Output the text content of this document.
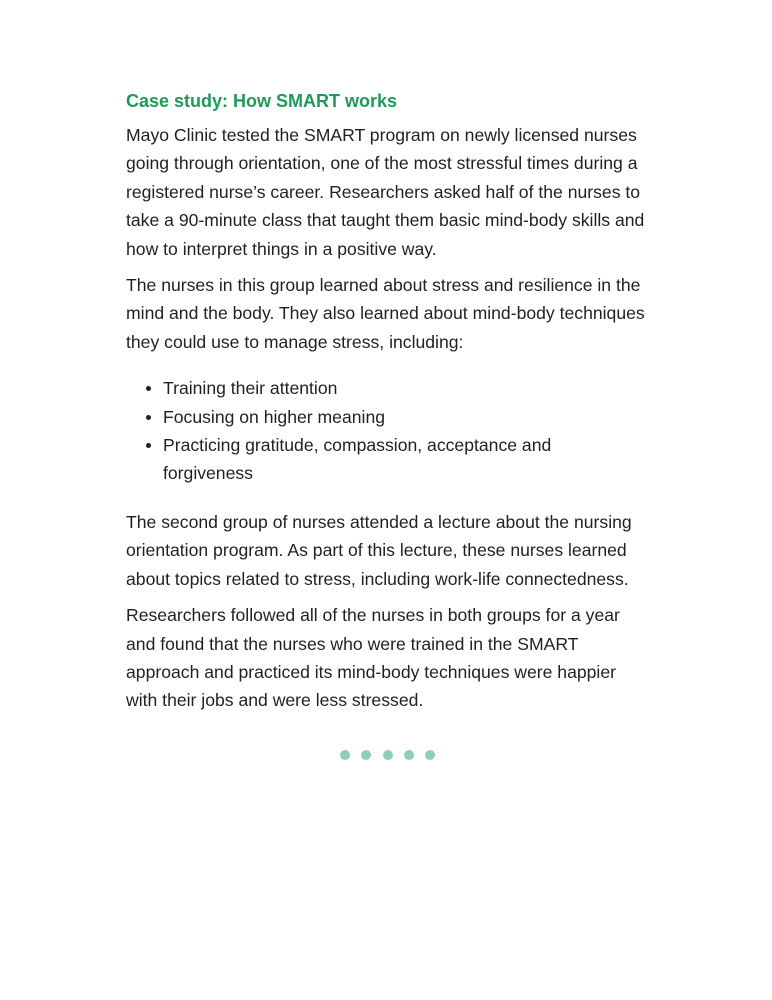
Case study: How SMART works

Mayo Clinic tested the SMART program on newly licensed nurses going through orientation, one of the most stressful times during a registered nurse’s career. Researchers asked half of the nurses to take a 90-minute class that taught them basic mind-body skills and how to interpret things in a positive way.

The nurses in this group learned about stress and resilience in the mind and the body. They also learned about mind-body techniques they could use to manage stress, including:

Training their attention
Focusing on higher meaning
Practicing gratitude, compassion, acceptance and forgiveness

The second group of nurses attended a lecture about the nursing orientation program. As part of this lecture, these nurses learned about topics related to stress, including work-life connectedness.

Researchers followed all of the nurses in both groups for a year and found that the nurses who were trained in the SMART approach and practiced its mind-body techniques were happier with their jobs and were less stressed.
